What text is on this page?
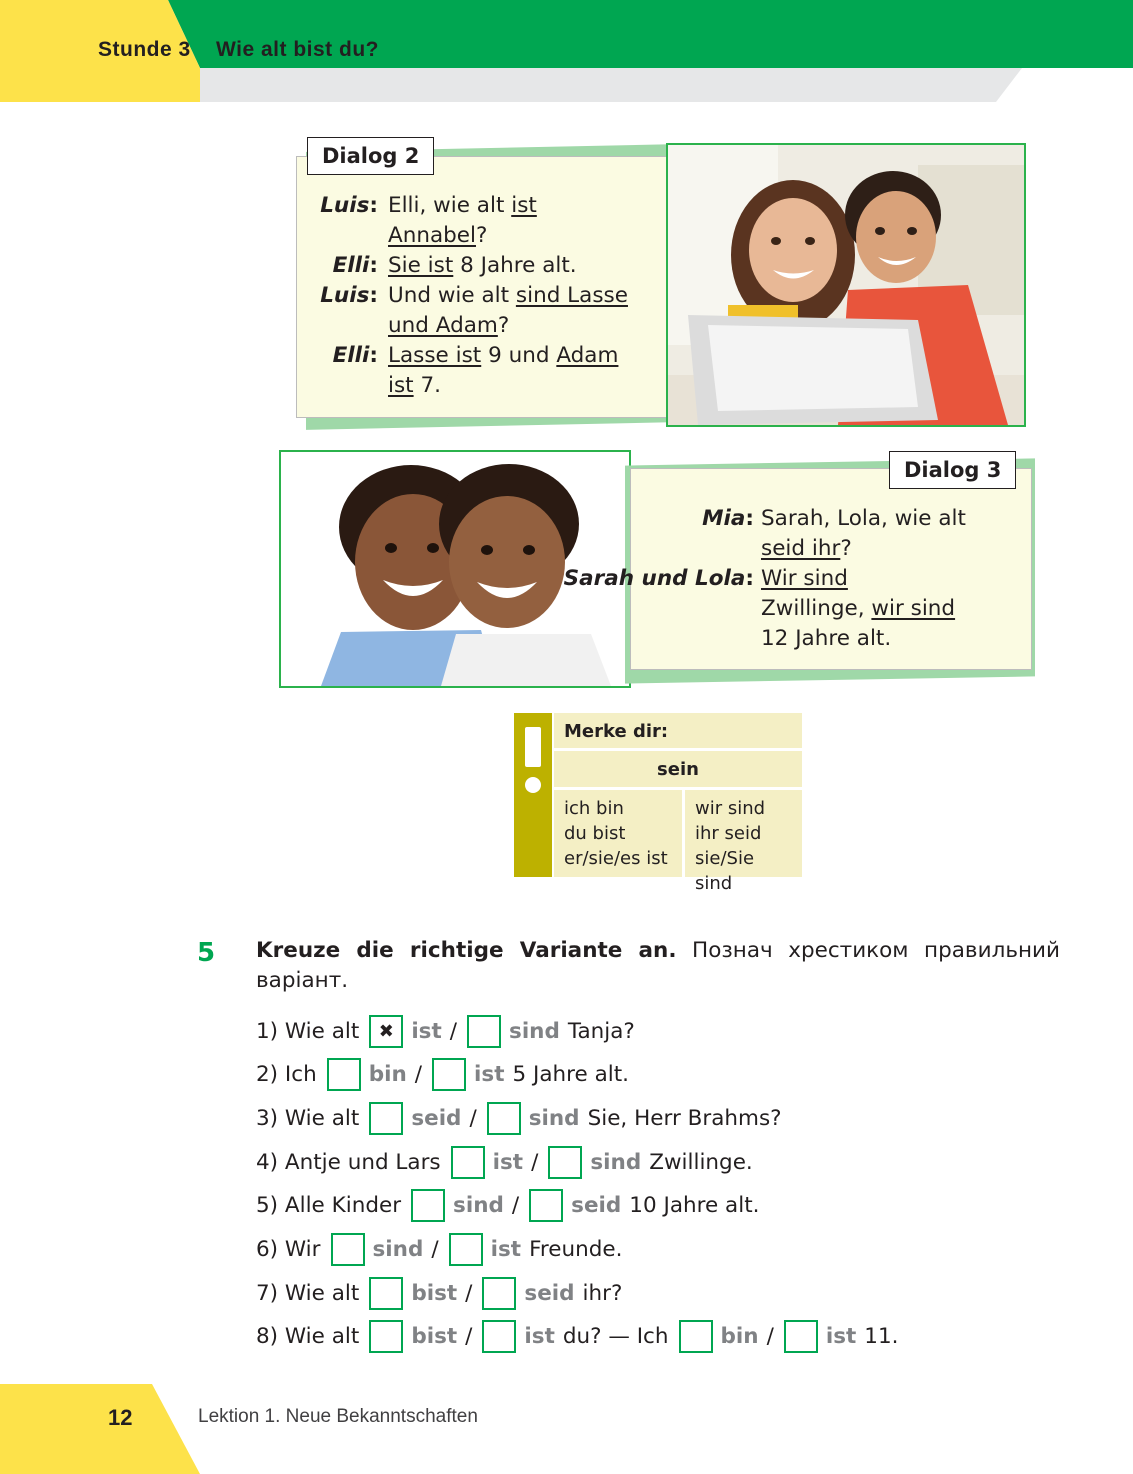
Stunde 3 Wie alt bist du?
Dialog 2
Luis: Elli, wie alt ist
Annabel?
Elli: Sie ist 8 Jahre alt.
Luis: Und wie alt sind Lasse
und Adam?
Elli: Lasse ist 9 und Adam
ist 7.
Dialog 3
Mia: Sarah, Lola, wie alt
seid ihr?
Sarah und Lola: Wir sind
Zwillinge, wir sind
12 Jahre alt.
Merke dir:
sein
ich bin
du bist
er/sie/es ist
wir sind
ihr seid
sie/Sie sind
5 Kreuze die richtige Variante an. Познач хрестиком правильний варіант.
1) Wie alt	✖ ist / sind Tanja?
2) Ich bin / ist 5 Jahre alt.
3) Wie alt seid / sind Sie, Herr Brahms?
4) Antje und Lars ist / sind Zwillinge.
5) Alle Kinder sind / seid 10 Jahre alt.
6) Wir sind / ist Freunde.
7) Wie alt bist / seid ihr?
8) Wie alt bist / ist du? — Ich bin / ist 11.
12	Lektion 1. Neue Bekanntschaften
